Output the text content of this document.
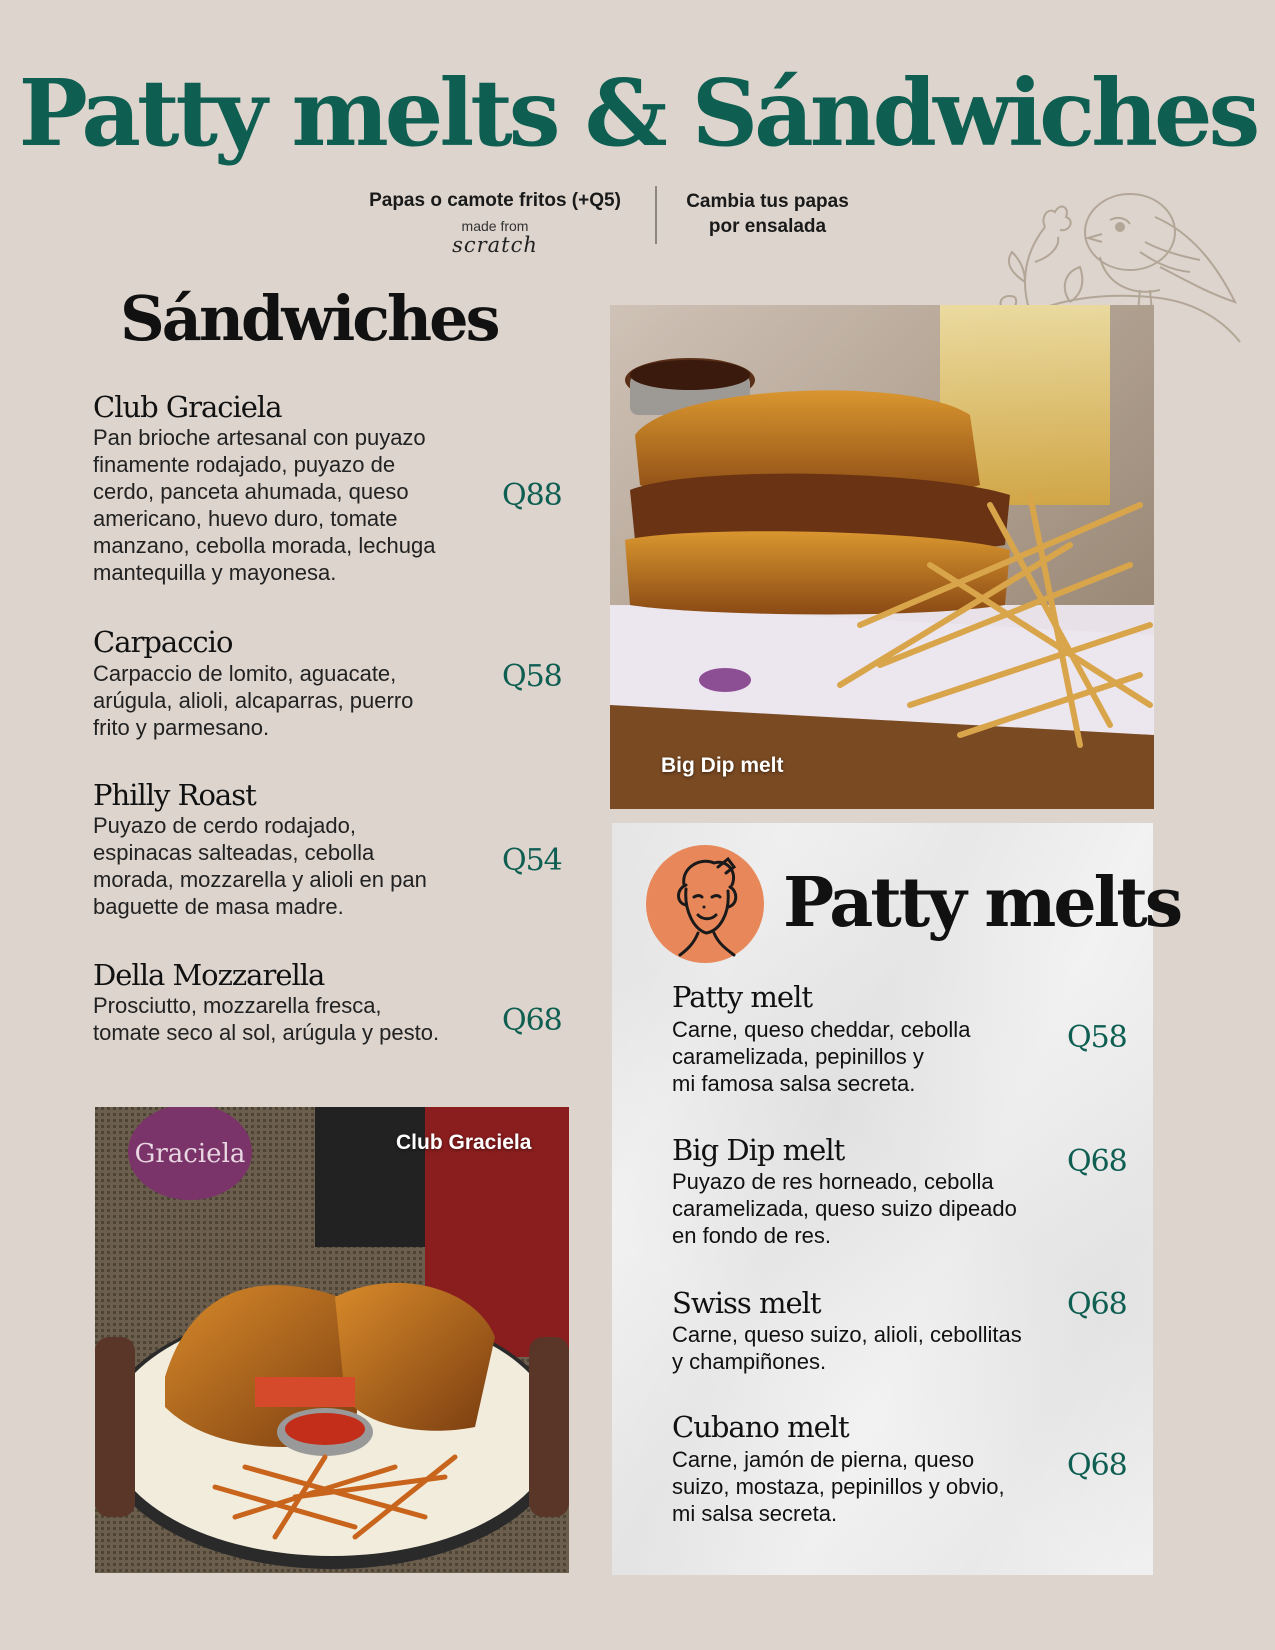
Patty melts & Sándwiches
Papas o camote fritos (+Q5)
made from
scratch
Cambia tus papas
por ensalada
Sándwiches
Club Graciela
Pan brioche artesanal con puyazo
finamente rodajado, puyazo de
cerdo, panceta ahumada, queso
americano, huevo duro, tomate
manzano, cebolla morada, lechuga
mantequilla y mayonesa.
Q88
Carpaccio
Carpaccio de lomito, aguacate,
arúgula, alioli, alcaparras, puerro
frito y parmesano.
Q58
Philly Roast
Puyazo de cerdo rodajado,
espinacas salteadas, cebolla
morada, mozzarella y alioli en pan
baguette de masa madre.
Q54
Della Mozzarella
Prosciutto, mozzarella fresca,
tomate seco al sol, arúgula y pesto.	Q68
Big Dip melt
Graciela	Club Graciela
Patty melts
Patty melt
Carne, queso cheddar, cebolla
caramelizada, pepinillos y
mi famosa salsa secreta.
Q58
Big Dip melt
Puyazo de res horneado, cebolla
caramelizada, queso suizo dipeado
en fondo de res.
Q68
Swiss melt
Carne, queso suizo, alioli, cebollitas
y champiñones.
Q68
Cubano melt
Carne, jamón de pierna, queso
suizo, mostaza, pepinillos y obvio,
mi salsa secreta.
Q68
